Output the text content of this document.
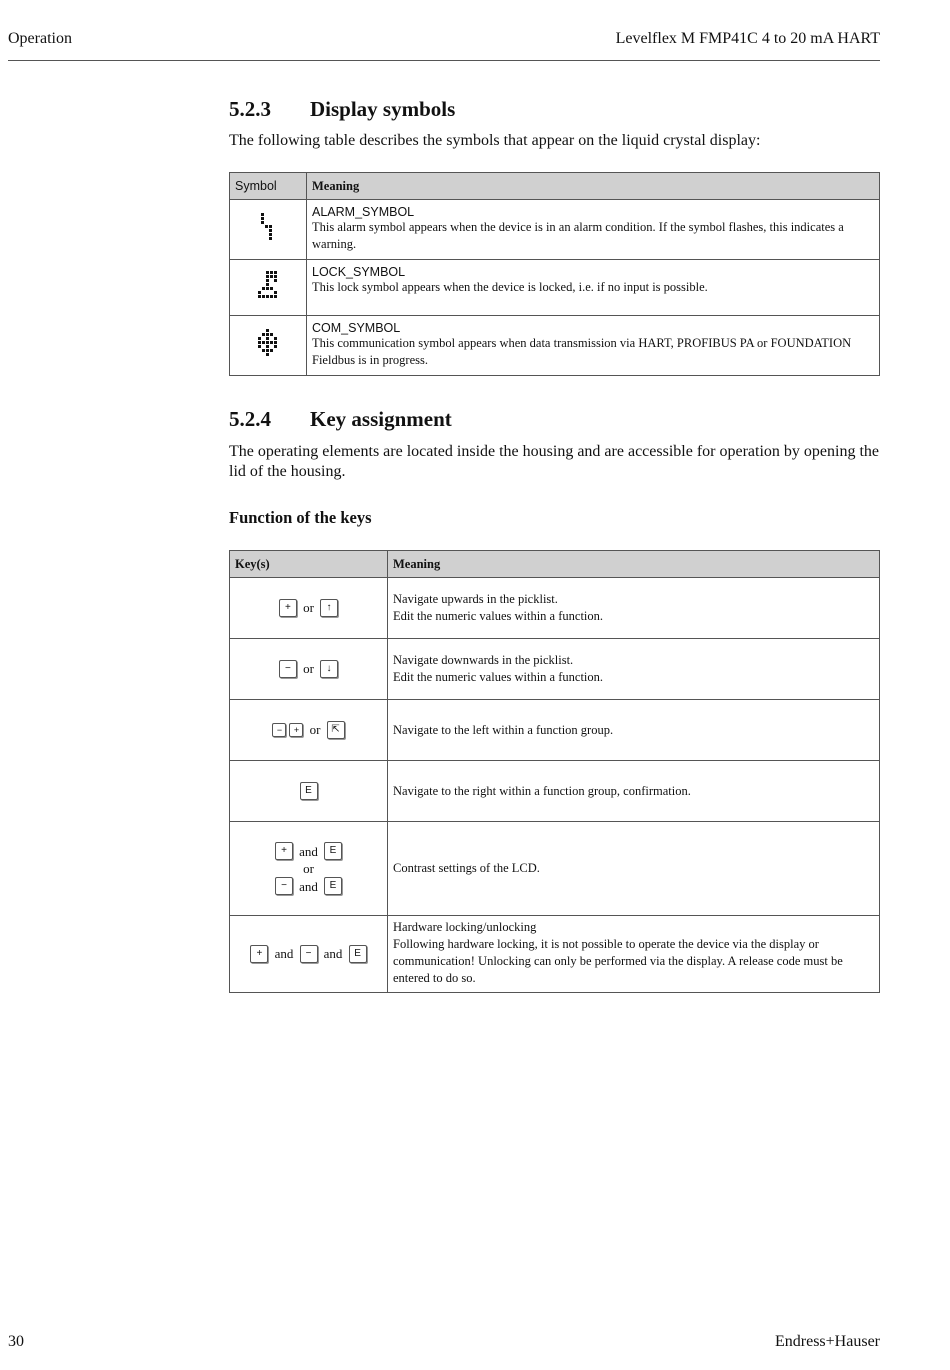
Operation	Levelflex M FMP41C 4 to 20 mA HART
5.2.3	Display symbols

The following table describes the symbols that appear on the liquid crystal display:

Symbol	Meaning

ALARM_SYMBOL
This alarm symbol appears when the device is in an alarm condition. If the symbol flashes, this indicates a warning.

LOCK_SYMBOL
This lock symbol appears when the device is locked, i.e. if no input is possible.

COM_SYMBOL
This communication symbol appears when data transmission via HART, PROFIBUS PA or FOUNDATION Fieldbus is in progress.
5.2.4	Key assignment

The operating elements are located inside the housing and are accessible for operation by opening the lid of the housing.

Function of the keys
Key(s)	Meaning
+ or ↑	Navigate upwards in the picklist.
Edit the numeric values within a function.

− or ↓	Navigate downwards in the picklist.
Edit the numeric values within a function.

− + or ⇱	Navigate to the left within a function group.

E	Navigate to the right within a function group, confirmation.

+ and E
or
− and E	Contrast settings of the LCD.

+ and − and E	Hardware locking/unlocking
Following hardware locking, it is not possible to operate the device via the display or communication! Unlocking can only be performed via the display. A release code must be entered to do so.
30	Endress+Hauser
